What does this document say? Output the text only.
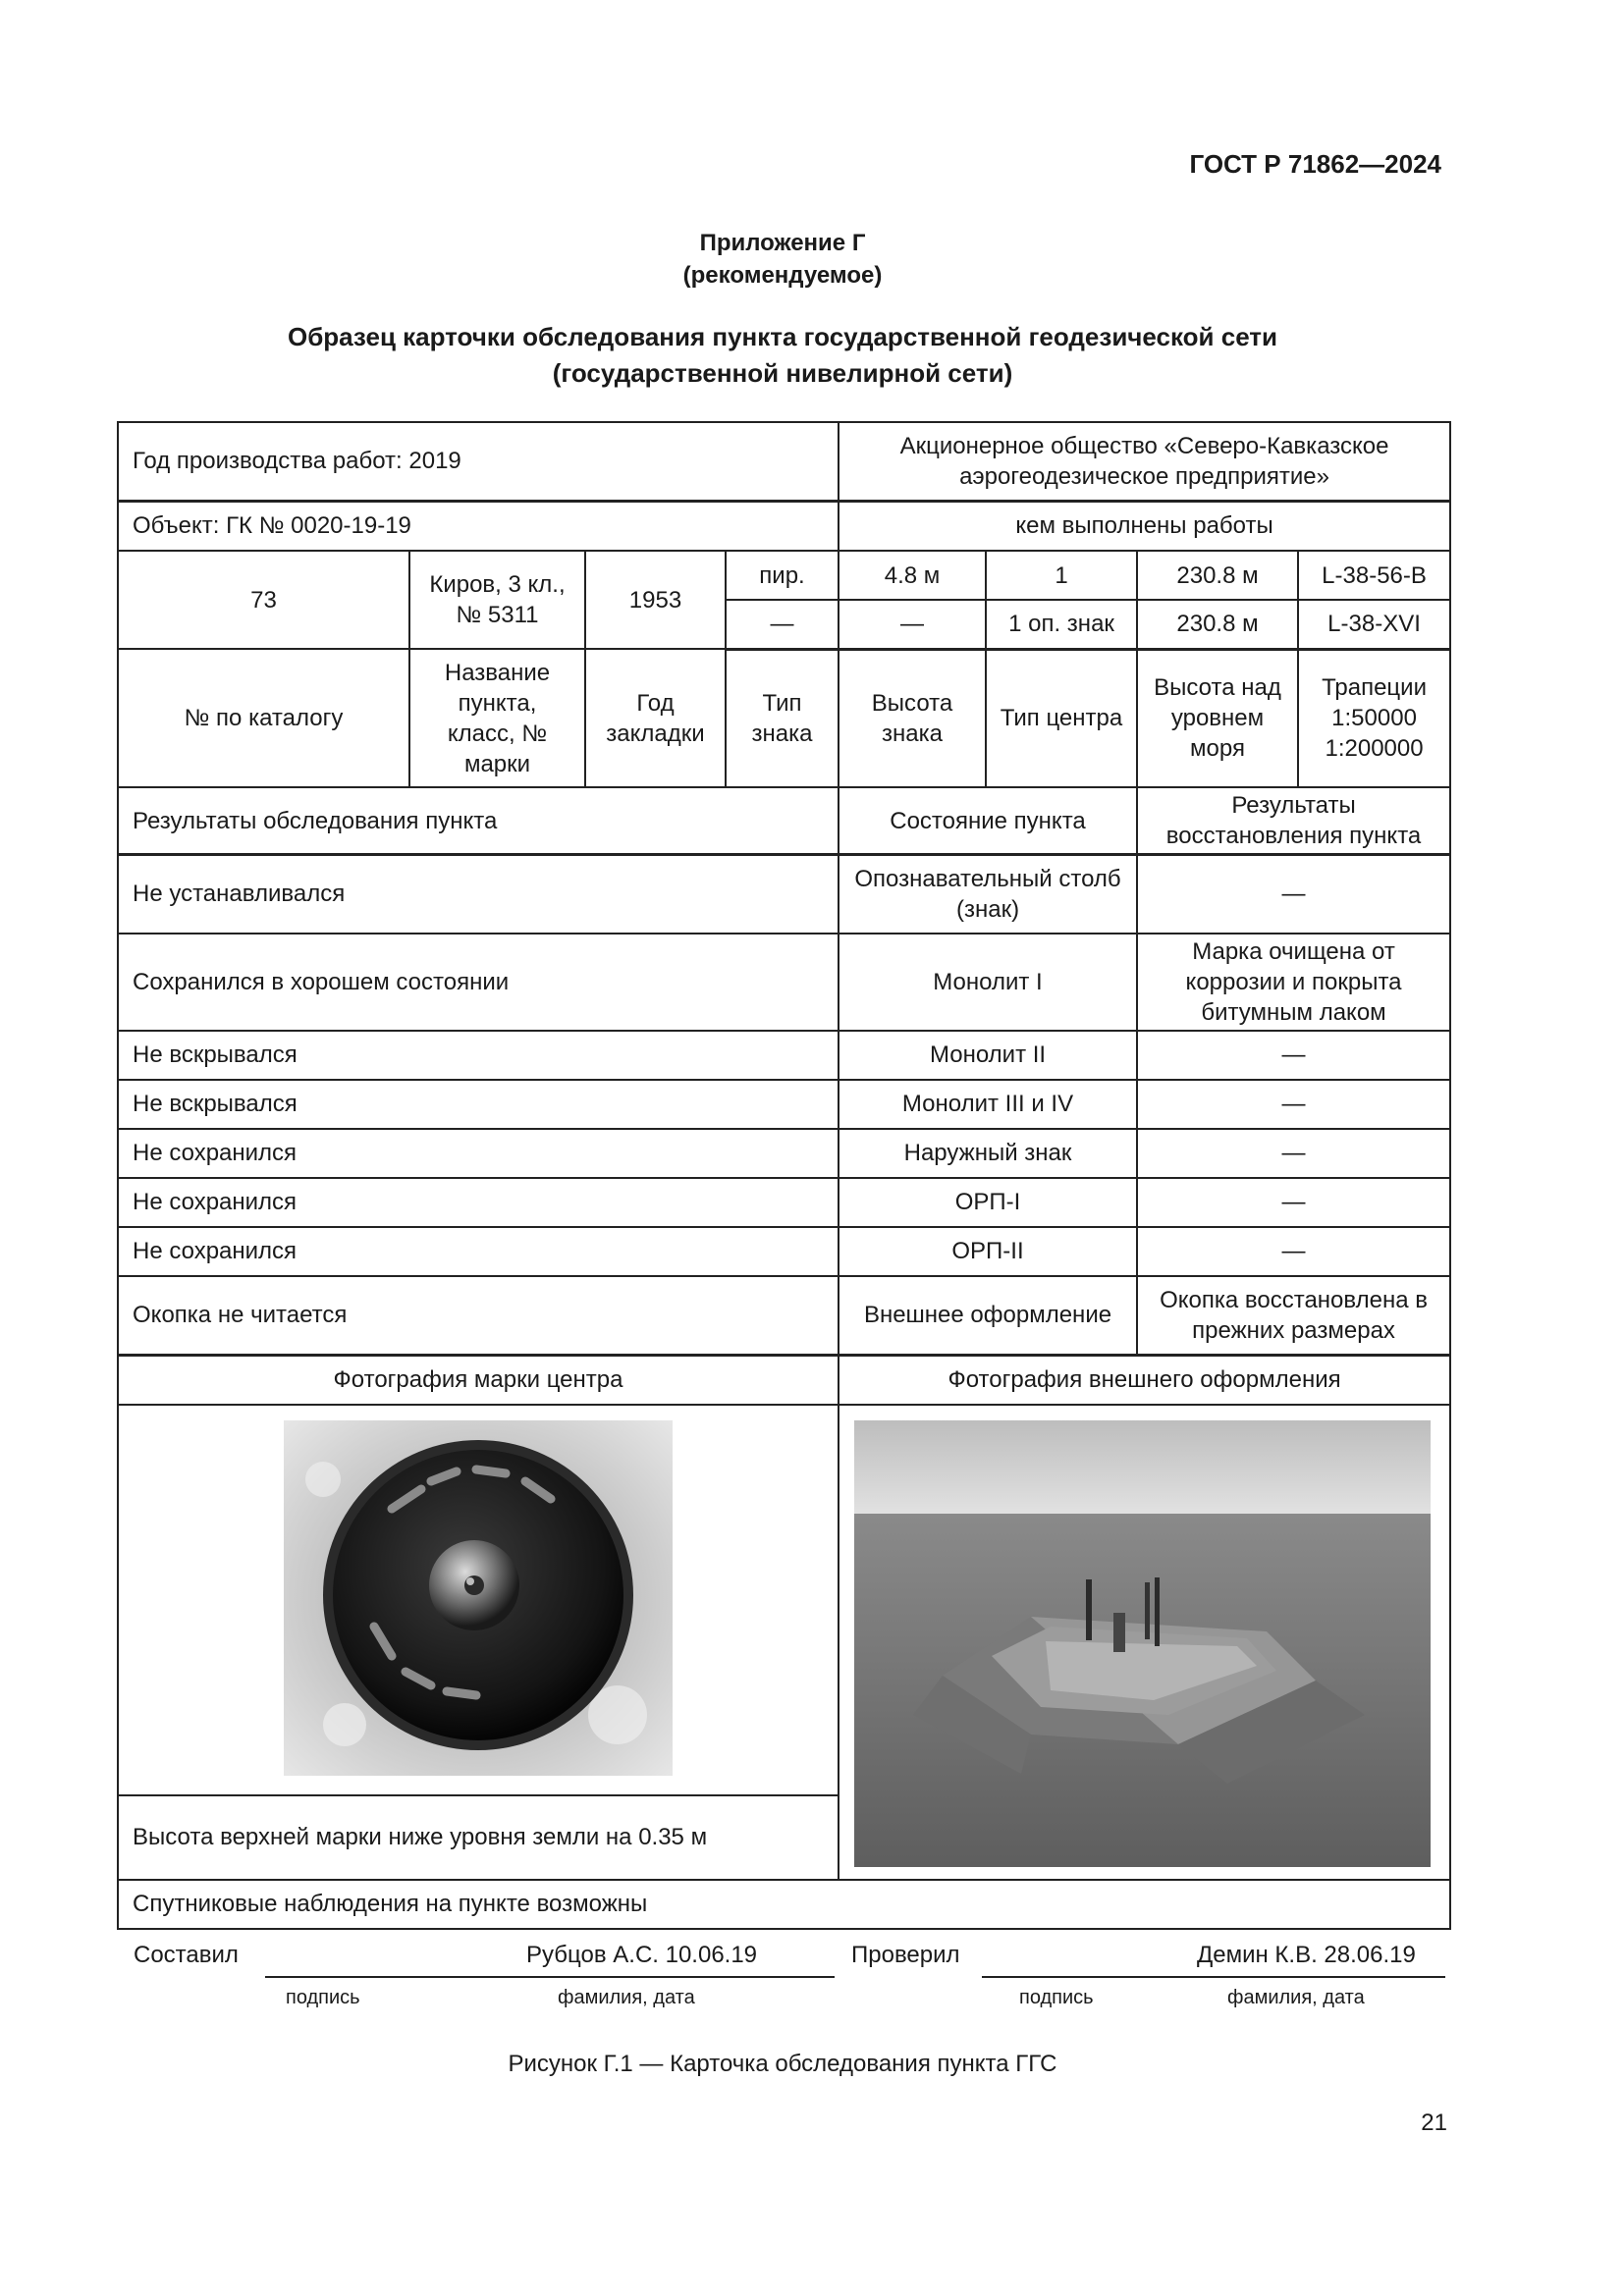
ГОСТ Р 71862—2024
Приложение Г
(рекомендуемое)
Образец карточки обследования пункта государственной геодезической сети
(государственной нивелирной сети)
Год производства работ: 2019				Акционерное общество «Северо-Кавказское аэрогеодезическое предприятие»			
Объект: ГК № 0020-19-19				кем выполнены работы			
73	Киров, 3 кл., № 5311	1953	пир.	4.8 м	1	230.8 м	L-38-56-В
			—	—	1 оп. знак	230.8 м	L-38-XVI
№ по каталогу	Название пункта, класс, № марки	Год закладки	Тип знака	Высота знака	Тип центра	Высота над уровнем моря	Трапеции 1:50000 1:200000
Результаты обследования пункта				Состояние пункта		Результаты восстановления пункта	
Не устанавливался				Опознавательный столб (знак)		—	
Сохранился в хорошем состоянии				Монолит I		Марка очищена от коррозии и покрыта битумным лаком	
Не вскрывался				Монолит II		—	
Не вскрывался				Монолит III и IV		—	
Не сохранился				Наружный знак		—	
Не сохранился				ОРП-I		—	
Не сохранился				ОРП-II		—	
Окопка не читается				Внешнее оформление		Окопка восстановлена в прежних размерах	
Фотография марки центра				Фотография внешнего оформления			

Высота верхней марки ниже уровня земли на 0.35 м							
Спутниковые наблюдения на пункте возможны							
Составил	Рубцов А.С. 10.06.19
подпись	фамилия, дата
Проверил	Демин К.В. 28.06.19
подпись	фамилия, дата
Рисунок Г.1 — Карточка обследования пункта ГГС
21
